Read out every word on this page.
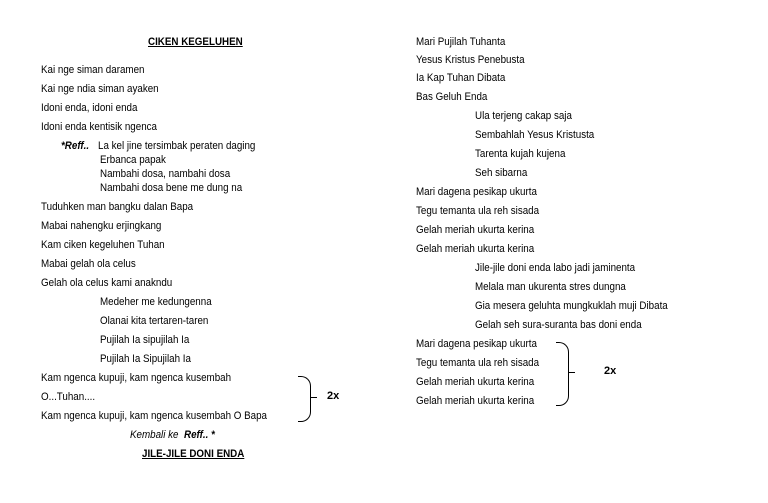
CIKEN KEGELUHEN
Kai nge siman daramen
Kai nge ndia siman ayaken
Idoni enda, idoni enda
Idoni enda kentisik ngenca
*Reff.. La kel jine tersimbak peraten daging
Erbanca papak
Nambahi dosa, nambahi dosa
Nambahi dosa bene me dung na
Tuduhken man bangku dalan Bapa
Mabai nahengku erjingkang
Kam ciken kegeluhen Tuhan
Mabai gelah ola celus
Gelah ola celus kami anakndu
Medeher me kedungenna
Olanai kita tertaren-taren
Pujilah Ia sipujilah Ia
Pujilah Ia Sipujilah Ia
Kam ngenca kupuji, kam ngenca kusembah
O...Tuhan....
Kam ngenca kupuji, kam ngenca kusembah O Bapa
2x
Kembali ke Reff.. *
JILE-JILE DONI ENDA
Mari Pujilah Tuhanta
Yesus Kristus Penebusta
Ia Kap Tuhan Dibata
Bas Geluh Enda
Ula terjeng cakap saja
Sembahlah Yesus Kristusta
Tarenta kujah kujena
Seh sibarna
Mari dagena pesikap ukurta
Tegu temanta ula reh sisada
Gelah meriah ukurta kerina
Gelah meriah ukurta kerina
Jile-jile doni enda labo jadi jaminenta
Melala man ukurenta stres dungna
Gia mesera geluhta mungkuklah muji Dibata
Gelah seh sura-suranta bas doni enda
Mari dagena pesikap ukurta
Tegu temanta ula reh sisada
Gelah meriah ukurta kerina
Gelah meriah ukurta kerina
2x
